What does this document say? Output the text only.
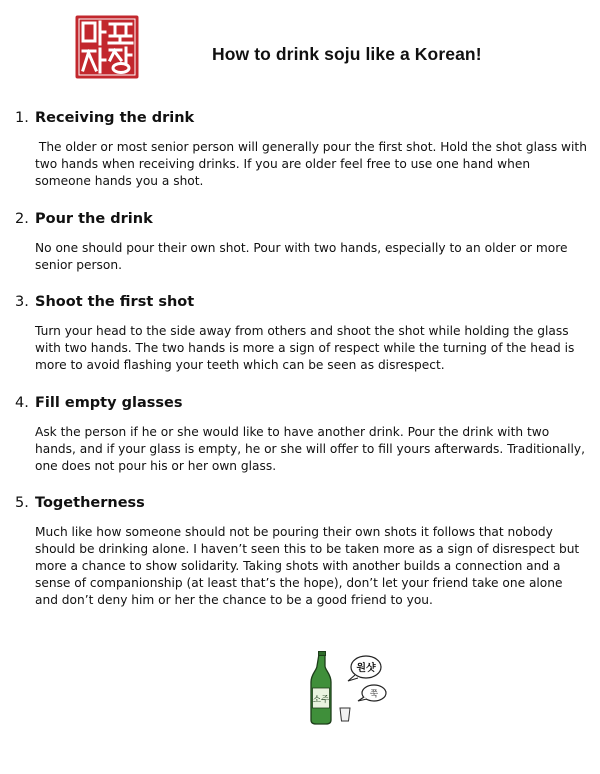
How to drink soju like a Korean!
1. Receiving the drink

The older or most senior person will generally pour the first shot. Hold the shot glass with two hands when receiving drinks. If you are older feel free to use one hand when someone hands you a shot.

2. Pour the drink

No one should pour their own shot. Pour with two hands, especially to an older or more senior person.

3. Shoot the first shot

Turn your head to the side away from others and shoot the shot while holding the glass with two hands. The two hands is more a sign of respect while the turning of the head is more to avoid flashing your teeth which can be seen as disrespect.

4. Fill empty glasses

Ask the person if he or she would like to have another drink. Pour the drink with two hands, and if your glass is empty, he or she will offer to fill yours afterwards. Traditionally, one does not pour his or her own glass.

5. Togetherness

Much like how someone should not be pouring their own shots it follows that nobody should be drinking alone. I haven’t seen this to be taken more as a sign of disrespect but more a chance to show solidarity. Taking shots with another builds a connection and a sense of companionship (at least that’s the hope), don’t let your friend take one alone and don’t deny him or her the chance to be a good friend to you.

소주
원샷
쭉
